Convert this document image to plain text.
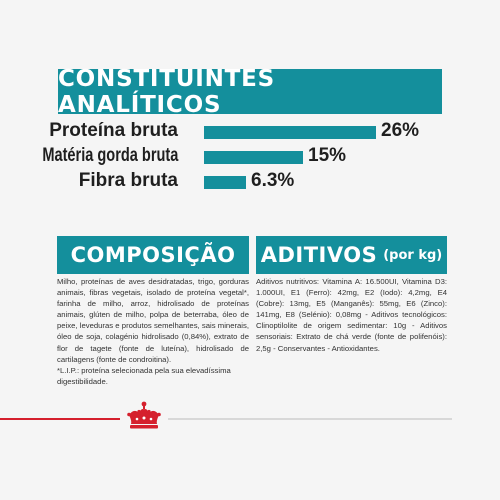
CONSTITUINTES ANALÍTICOS
Proteína bruta	26%
Matéria gorda bruta	15%
Fibra bruta	6.3%
COMPOSIÇÃO ADITIVOS (por kg)
Milho, proteínas de aves desidratadas, trigo, gorduras animais, fibras vegetais, isolado de proteína vegetal*, farinha de milho, arroz, hidrolisado de proteínas animais, glúten de milho, polpa de beterraba, óleo de peixe, leveduras e produtos semelhantes, sais minerais, óleo de soja, colagénio hidrolisado (0,84%), extrato de flor de tagete (fonte de luteína), hidrolisado de cartilagens (fonte de condroitina).
*L.I.P.: proteína selecionada pela sua elevadíssima digestibilidade.
Aditivos nutritivos: Vitamina A: 16.500UI, Vitamina D3: 1.000UI, E1 (Ferro): 42mg, E2 (Iodo): 4,2mg, E4 (Cobre): 13mg, E5 (Manganês): 55mg, E6 (Zinco): 141mg, E8 (Selénio): 0,08mg - Aditivos tecnológicos: Clinoptilolite de origem sedimentar: 10g - Aditivos sensoriais: Extrato de chá verde (fonte de polifenóis): 2,5g - Conservantes - Antioxidantes.
